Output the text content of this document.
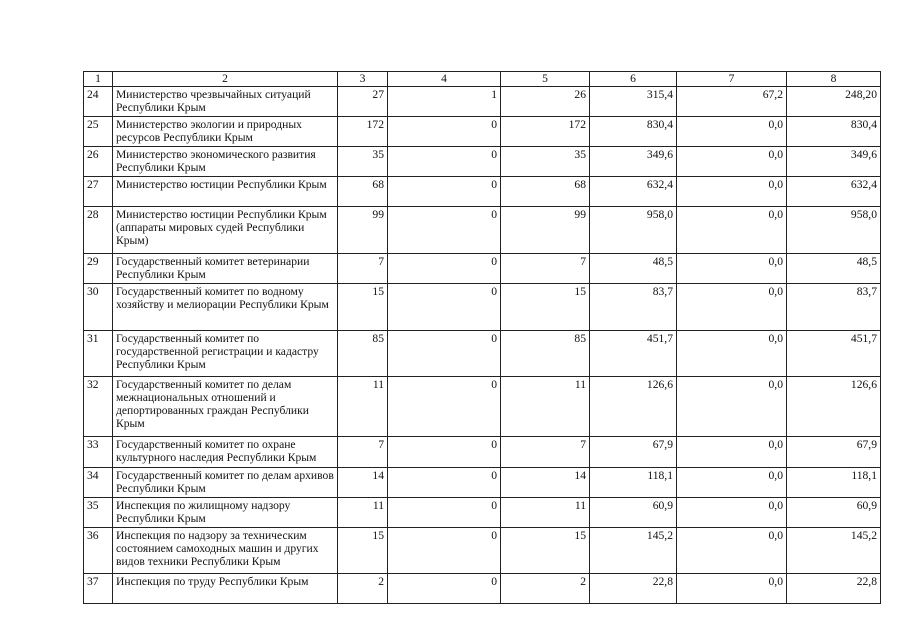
1	2	3	4	5	6	7	8
24	Министерство чрезвычайных ситуаций Республики Крым	27	1	26	315,4	67,2	248,20
25	Министерство экологии и природных ресурсов Республики Крым	172	0	172	830,4	0,0	830,4
26	Министерство экономического развития Республики Крым	35	0	35	349,6	0,0	349,6
27	Министерство юстиции Республики Крым	68	0	68	632,4	0,0	632,4
28	Министерство юстиции Республики Крым (аппараты мировых судей Республики Крым)	99	0	99	958,0	0,0	958,0
29	Государственный комитет ветеринарии Республики Крым	7	0	7	48,5	0,0	48,5
30	Государственный комитет по водному хозяйству и мелиорации Республики Крым	15	0	15	83,7	0,0	83,7
31	Государственный комитет по государственной регистрации и кадастру Республики Крым	85	0	85	451,7	0,0	451,7
32	Государственный комитет по делам межнациональных отношений и депортированных граждан Республики Крым	11	0	11	126,6	0,0	126,6
33	Государственный комитет по охране культурного наследия Республики Крым	7	0	7	67,9	0,0	67,9
34	Государственный комитет по делам архивов Республики Крым	14	0	14	118,1	0,0	118,1
35	Инспекция по жилищному надзору Республики Крым	11	0	11	60,9	0,0	60,9
36	Инспекция по надзору за техническим состоянием самоходных машин и других видов техники Республики Крым	15	0	15	145,2	0,0	145,2
37	Инспекция по труду Республики Крым	2	0	2	22,8	0,0	22,8
